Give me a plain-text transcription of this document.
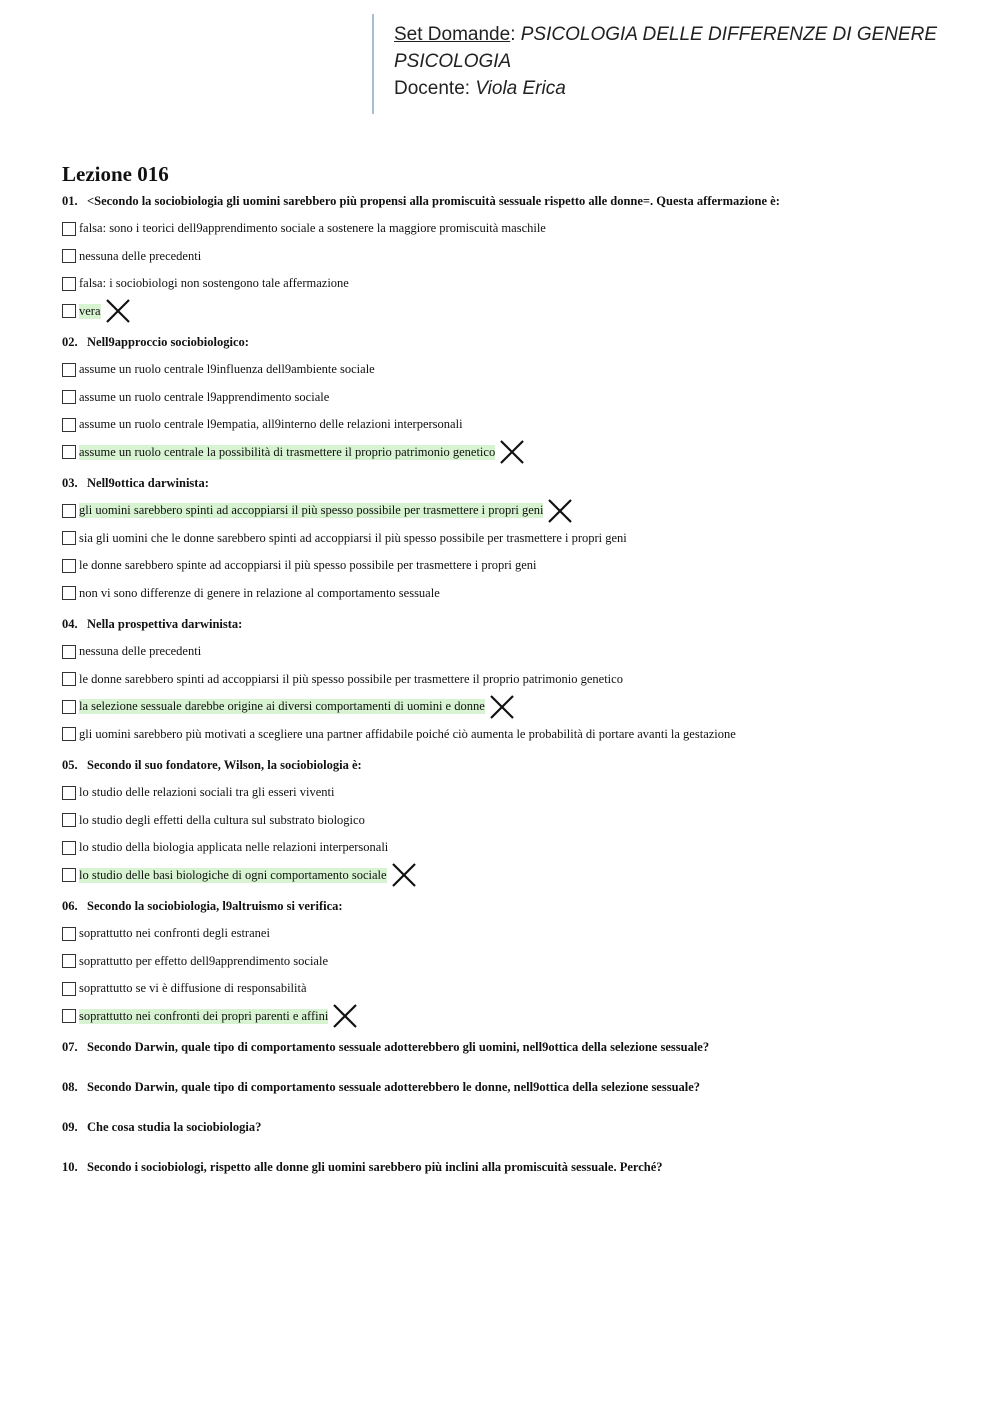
Set Domande: PSICOLOGIA DELLE DIFFERENZE DI GENERE
PSICOLOGIA
Docente: Viola Erica
Lezione 016
01. <Secondo la sociobiologia gli uomini sarebbero più propensi alla promiscuità sessuale rispetto alle donne=. Questa affermazione è:
falsa: sono i teorici dell9apprendimento sociale a sostenere la maggiore promiscuità maschile
nessuna delle precedenti
falsa: i sociobiologi non sostengono tale affermazione
vera
02. Nell9approccio sociobiologico:
assume un ruolo centrale l9influenza dell9ambiente sociale
assume un ruolo centrale l9apprendimento sociale
assume un ruolo centrale l9empatia, all9interno delle relazioni interpersonali
assume un ruolo centrale la possibilità di trasmettere il proprio patrimonio genetico
03. Nell9ottica darwinista:
gli uomini sarebbero spinti ad accoppiarsi il più spesso possibile per trasmettere i propri geni
sia gli uomini che le donne sarebbero spinti ad accoppiarsi il più spesso possibile per trasmettere i propri geni
le donne sarebbero spinte ad accoppiarsi il più spesso possibile per trasmettere i propri geni
non vi sono differenze di genere in relazione al comportamento sessuale
04. Nella prospettiva darwinista:
nessuna delle precedenti
le donne sarebbero spinti ad accoppiarsi il più spesso possibile per trasmettere il proprio patrimonio genetico
la selezione sessuale darebbe origine ai diversi comportamenti di uomini e donne
gli uomini sarebbero più motivati a scegliere una partner affidabile poiché ciò aumenta le probabilità di portare avanti la gestazione
05. Secondo il suo fondatore, Wilson, la sociobiologia è:
lo studio delle relazioni sociali tra gli esseri viventi
lo studio degli effetti della cultura sul substrato biologico
lo studio della biologia applicata nelle relazioni interpersonali
lo studio delle basi biologiche di ogni comportamento sociale
06. Secondo la sociobiologia, l9altruismo si verifica:
soprattutto nei confronti degli estranei
soprattutto per effetto dell9apprendimento sociale
soprattutto se vi è diffusione di responsabilità
soprattutto nei confronti dei propri parenti e affini
07. Secondo Darwin, quale tipo di comportamento sessuale adotterebbero gli uomini, nell9ottica della selezione sessuale?
08. Secondo Darwin, quale tipo di comportamento sessuale adotterebbero le donne, nell9ottica della selezione sessuale?
09. Che cosa studia la sociobiologia?
10. Secondo i sociobiologi, rispetto alle donne gli uomini sarebbero più inclini alla promiscuità sessuale. Perché?
